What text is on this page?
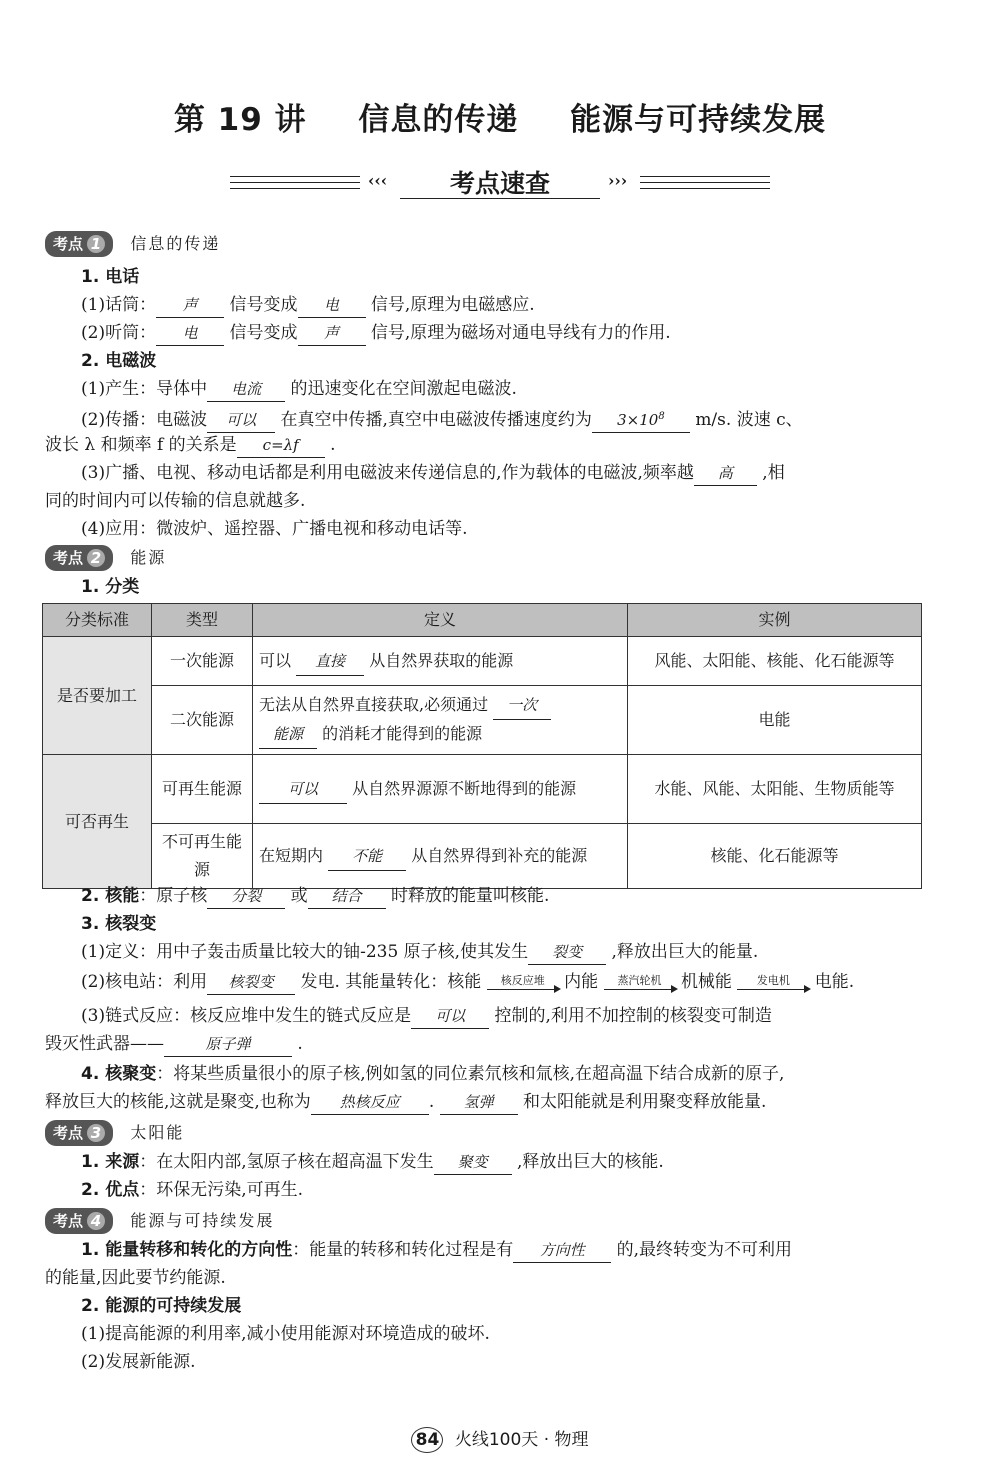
第 19 讲 信息的传递 能源与可持续发展
‹‹‹	考点速查	›››
考点 1 信息的传递
1. 电话
(1)话筒： 声 信号变成 电 信号,原理为电磁感应.
(2)听筒： 电 信号变成 声 信号,原理为磁场对通电导线有力的作用.
2. 电磁波
(1)产生：导体中 电流 的迅速变化在空间激起电磁波.
(2)传播：电磁波 可以 在真空中传播,真空中电磁波传播速度约为 $3\times 10^8$ m/s. 波速 c、
波长 λ 和频率 f 的关系是 c=λf .
(3)广播、电视、移动电话都是利用电磁波来传递信息的,作为载体的电磁波,频率越 高 ,相
同的时间内可以传输的信息就越多.
(4)应用：微波炉、遥控器、广播电视和移动电话等.
考点 2 能源
1. 分类
分类标准	类型	定义	实例
是否要加工	一次能源	可以 直接 从自然界获取的能源	风能、太阳能、核能、化石能源等
	二次能源	无法从自然界直接获取,必须通过 一次
能源 的消耗才能得到的能源	电能
可否再生	可再生能源	可以 从自然界源源不断地得到的能源	水能、风能、太阳能、生物质能等
	不可再生能源	在短期内 不能 从自然界得到补充的能源	核能、化石能源等
2. 核能：原子核 分裂 或 结合 时释放的能量叫核能.
3. 核裂变
(1)定义：用中子轰击质量比较大的铀-235 原子核,使其发生 裂变 ,释放出巨大的能量.
(2)核电站：利用 核裂变 发电. 其能量转化：核能	核反应堆	内能	蒸汽轮机	机械能	发电机	电能.
(3)链式反应：核反应堆中发生的链式反应是 可以 控制的,利用不加控制的核裂变可制造
毁灭性武器——	原子弹	.
4. 核聚变：将某些质量很小的原子核,例如氢的同位素氘核和氚核,在超高温下结合成新的原子,
释放巨大的核能,这就是聚变,也称为 热核反应 . 氢弹 和太阳能就是利用聚变释放能量.
考点 3 太阳能
1. 来源：在太阳内部,氢原子核在超高温下发生 聚变 ,释放出巨大的核能.
2. 优点：环保无污染,可再生.
考点 4 能源与可持续发展
1. 能量转移和转化的方向性：能量的转移和转化过程是有 方向性 的,最终转变为不可利用
的能量,因此要节约能源.
2. 能源的可持续发展
(1)提高能源的利用率,减小使用能源对环境造成的破坏.
(2)发展新能源.
84 火线100天 · 物理
